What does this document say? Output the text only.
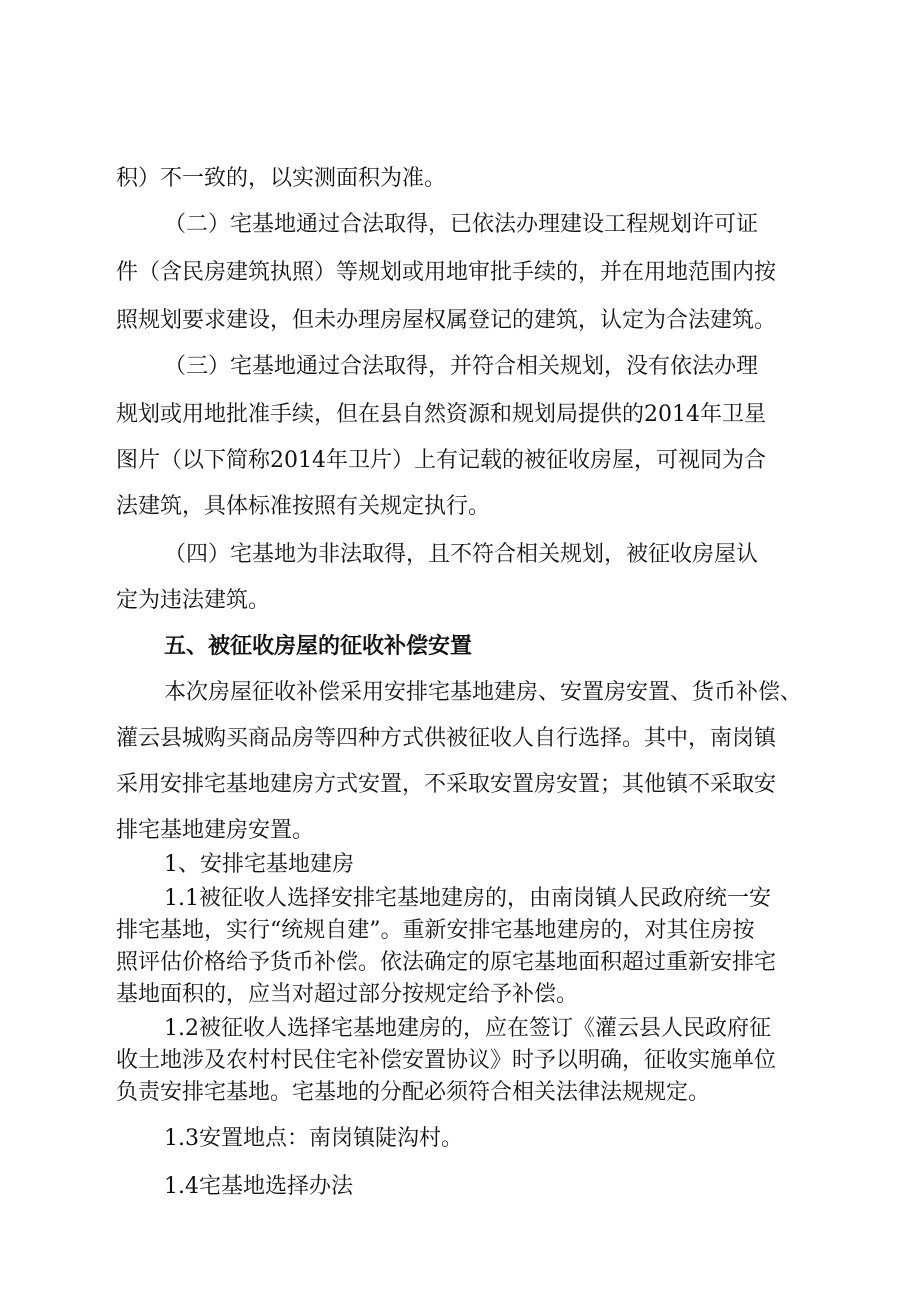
积）不一致的，以实测面积为准。
（二）宅基地通过合法取得，已依法办理建设工程规划许可证
件（含民房建筑执照）等规划或用地审批手续的，并在用地范围内按
照规划要求建设，但未办理房屋权属登记的建筑，认定为合法建筑。
（三）宅基地通过合法取得，并符合相关规划，没有依法办理
规划或用地批准手续，但在县自然资源和规划局提供的2014年卫星
图片（以下简称2014年卫片）上有记载的被征收房屋，可视同为合
法建筑，具体标准按照有关规定执行。
（四）宅基地为非法取得，且不符合相关规划，被征收房屋认
定为违法建筑。
五、被征收房屋的征收补偿安置
本次房屋征收补偿采用安排宅基地建房、安置房安置、货币补偿、
灌云县城购买商品房等四种方式供被征收人自行选择。其中，南岗镇
采用安排宅基地建房方式安置，不采取安置房安置；其他镇不采取安
排宅基地建房安置。
1、安排宅基地建房
1.1被征收人选择安排宅基地建房的，由南岗镇人民政府统一安
排宅基地，实行“统规自建”。重新安排宅基地建房的，对其住房按
照评估价格给予货币补偿。依法确定的原宅基地面积超过重新安排宅
基地面积的，应当对超过部分按规定给予补偿。
1.2被征收人选择宅基地建房的，应在签订《灌云县人民政府征
收土地涉及农村村民住宅补偿安置协议》时予以明确，征收实施单位
负责安排宅基地。宅基地的分配必须符合相关法律法规规定。
1.3安置地点：南岗镇陡沟村。
1.4宅基地选择办法
